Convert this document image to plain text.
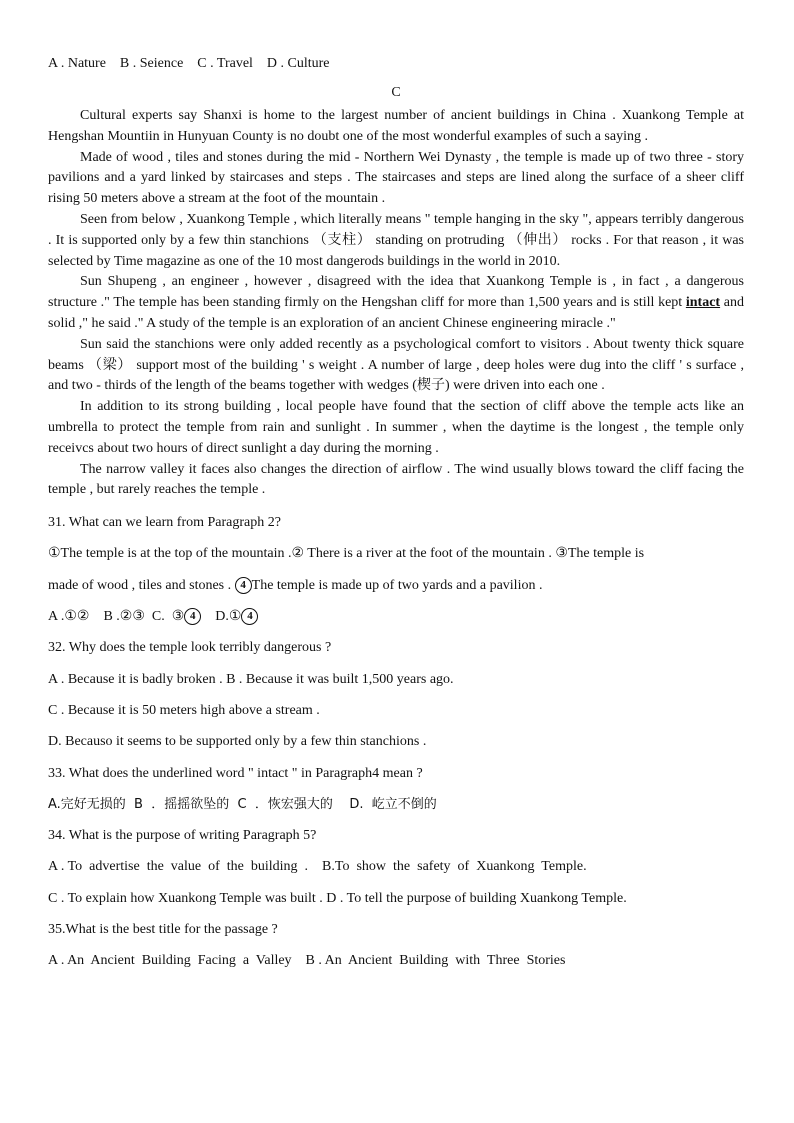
A . Nature    B . Seience    C . Travel    D . Culture

C

Cultural experts say Shanxi is home to the largest number of ancient buildings in China . Xuankong Temple at Hengshan Mountiin in Hunyuan County is no doubt one of the most wonderful examples of such a saying .

Made of wood , tiles and stones during the mid - Northern Wei Dynasty , the temple is made up of two three - story pavilions and a yard linked by staircases and steps . The staircases and steps are lined along the surface of a sheer cliff rising 50 meters above a stream at the foot of the mountain .

Seen from below , Xuankong Temple , which literally means " temple hanging in the sky ", appears terribly dangerous . It is supported only by a few thin stanchions （支柱） standing on protruding （伸出） rocks . For that reason , it was selected by Time magazine as one of the 10 most dangerods buildings in the world in 2010.

Sun Shupeng , an engineer , however , disagreed with the idea that Xuankong Temple is , in fact , a dangerous structure ." The temple has been standing firmly on the Hengshan cliff for more than 1,500 years and is still kept intact and solid ," he said ." A study of the temple is an exploration of an ancient Chinese engineering miracle ."

Sun said the stanchions were only added recently as a psychological comfort to visitors . About twenty thick square beams （梁） support most of the building ' s weight . A number of large , deep holes were dug into the cliff ' s surface , and two - thirds of the length of the beams together with wedges (楔子) were driven into each one .

In addition to its strong building , local people have found that the section of cliff above the temple acts like an umbrella to protect the temple from rain and sunlight . In summer , when the daytime is the longest , the temple only receivcs about two hours of direct sunlight a day during the morning .

The narrow valley it faces also changes the direction of airflow . The wind usually blows toward the cliff facing the temple , but rarely reaches the temple .

31. What can we learn from Paragraph 2?

①The temple is at the top of the mountain .② There is a river at the foot of the mountain . ③The temple is

made of wood , tiles and stones . 4 The temple is made up of two yards and a pavilion .

A .①②    B .②③  C.  ③ 4 D.① 4

32. Why does the temple look terribly dangerous ?

A . Because it is badly broken . B . Because it was built 1,500 years ago.

C . Because it is 50 meters high above a stream .

D. Becauso it seems to be supported only by a few thin stanchions .

33. What does the underlined word " intact " in Paragraph4 mean ?

A.完好无损的  B  ．摇摇欲坠的  C  ．恢宏强大的    D.  屹立不倒的

34. What is the purpose of writing Paragraph 5?

A . To  advertise  the  value  of  the  building  .    B.To  show  the  safety  of  Xuankong  Temple.

C . To explain how Xuankong Temple was built . D . To tell the purpose of building Xuankong Temple.

35.What is the best title for the passage ?

A . An  Ancient  Building  Facing  a  Valley    B . An  Ancient  Building  with  Three  Stories
